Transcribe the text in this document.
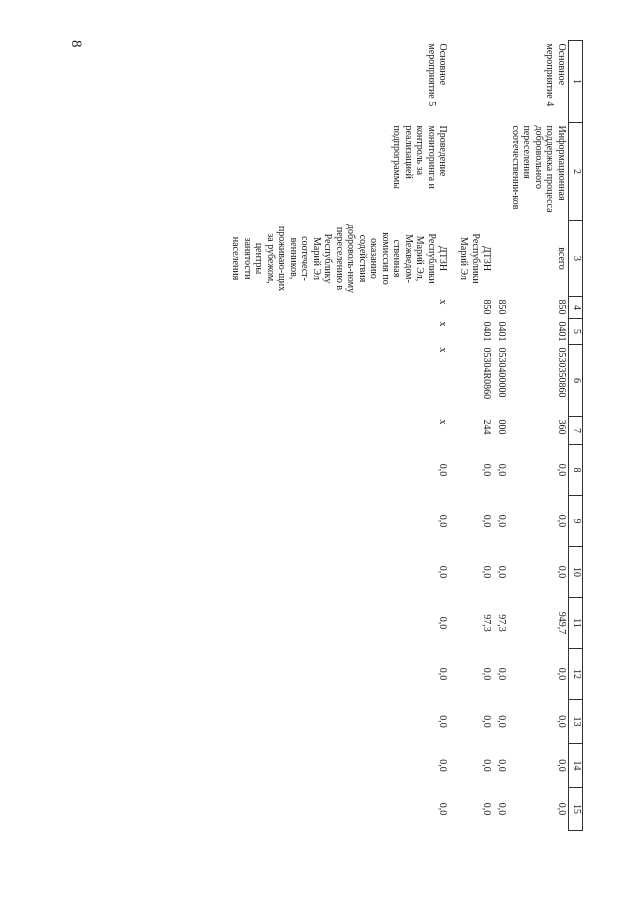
8
1	2	3	4	5	6	7	8	9	10	11	12	13	14	15
Основное мероприятие 4	Информационная поддержка процесса добровольного переселения соотечественни-ков	всего	850	0401	0530350860	360	0,0	0,0	0,0	949,7	0,0	0,0	0,0	0,0
			850	0401	0530400000	000	0,0	0,0	0,0	97,3	0,0	0,0	0,0	0,0
		ДТЗН Республики Марий Эл	850	0401	05304R0860	244	0,0	0,0	0,0	97,3	0,0	0,0	0,0	0,0
Основное мероприятие 5	Проведение мониторинга и контроль за реализацией подпрограммы	ДТЗН Республики Марий Эл, Межведом-ственная комиссия по оказанию содействия доброволь-ному переселению в Республику Марий Эл соотечест-венников, проживаю-щих за рубежом, центры занятости населения	x	x	x	x	0,0	0,0	0,0	0,0	0,0	0,0	0,0	0,0
